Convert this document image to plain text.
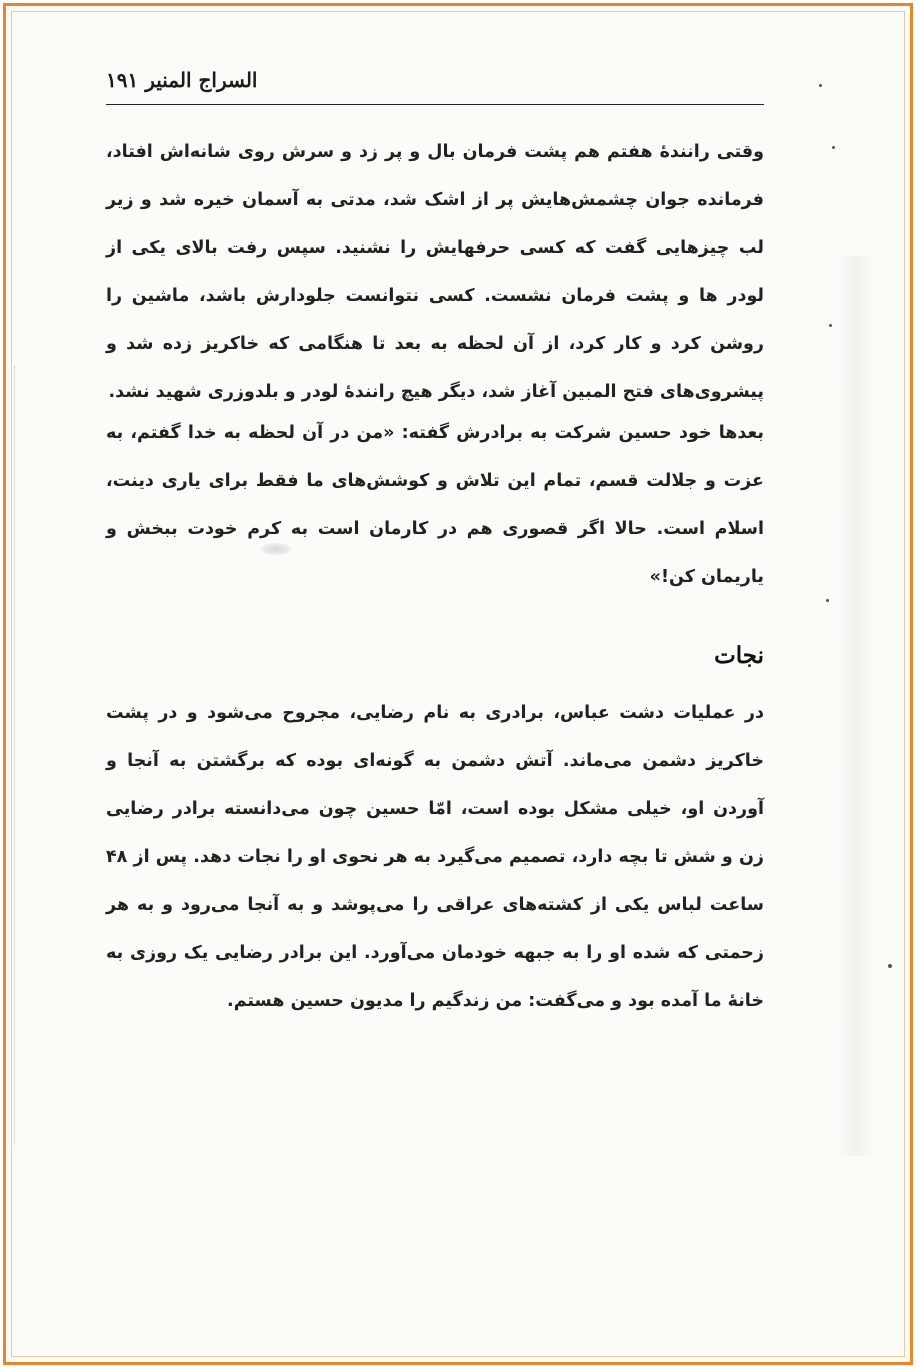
السراج المنیر ۱۹۱

وقتی رانندهٔ هفتم هم پشت فرمان بال و پر زد و سرش روی شانه‌اش افتاد، فرمانده جوان چشمش‌هایش پر از اشک شد، مدتی به آسمان خیره شد و زیر لب چیزهایی گفت که کسی حرفهایش را نشنید. سپس رفت بالای یکی از لودر ها و پشت فرمان نشست. کسی نتوانست جلودارش باشد، ماشین را روشن کرد و کار کرد، از آن لحظه به بعد تا هنگامی که خاکریز زده شد و پیشروی‌های فتح المبین آغاز شد، دیگر هیچ رانندهٔ لودر و بلدوزری شهید نشد.

بعدها خود حسین شرکت به برادرش گفته: «من در آن لحظه به خدا گفتم، به عزت و جلالت قسم، تمام این تلاش و کوشش‌های ما فقط برای یاری دینت، اسلام است. حالا اگر قصوری هم در کارمان است به کرم خودت ببخش و یاریمان کن!»

نجات

در عملیات دشت عباس، برادری به نام رضایی، مجروح می‌شود و در پشت خاکریز دشمن می‌ماند. آتش دشمن به گونه‌ای بوده که برگشتن به آنجا و آوردن او، خیلی مشکل بوده است، امّا حسین چون می‌دانسته برادر رضایی زن و شش تا بچه دارد، تصمیم می‌گیرد به هر نحوی او را نجات دهد. پس از ۴۸ ساعت لباس یکی از کشته‌های عراقی را می‌پوشد و به آنجا می‌رود و به هر زحمتی که شده او را به جبهه خودمان می‌آورد. این برادر رضایی یک روزی به خانهٔ ما آمده بود و می‌گفت: من زندگیم را مدیون حسین هستم.
